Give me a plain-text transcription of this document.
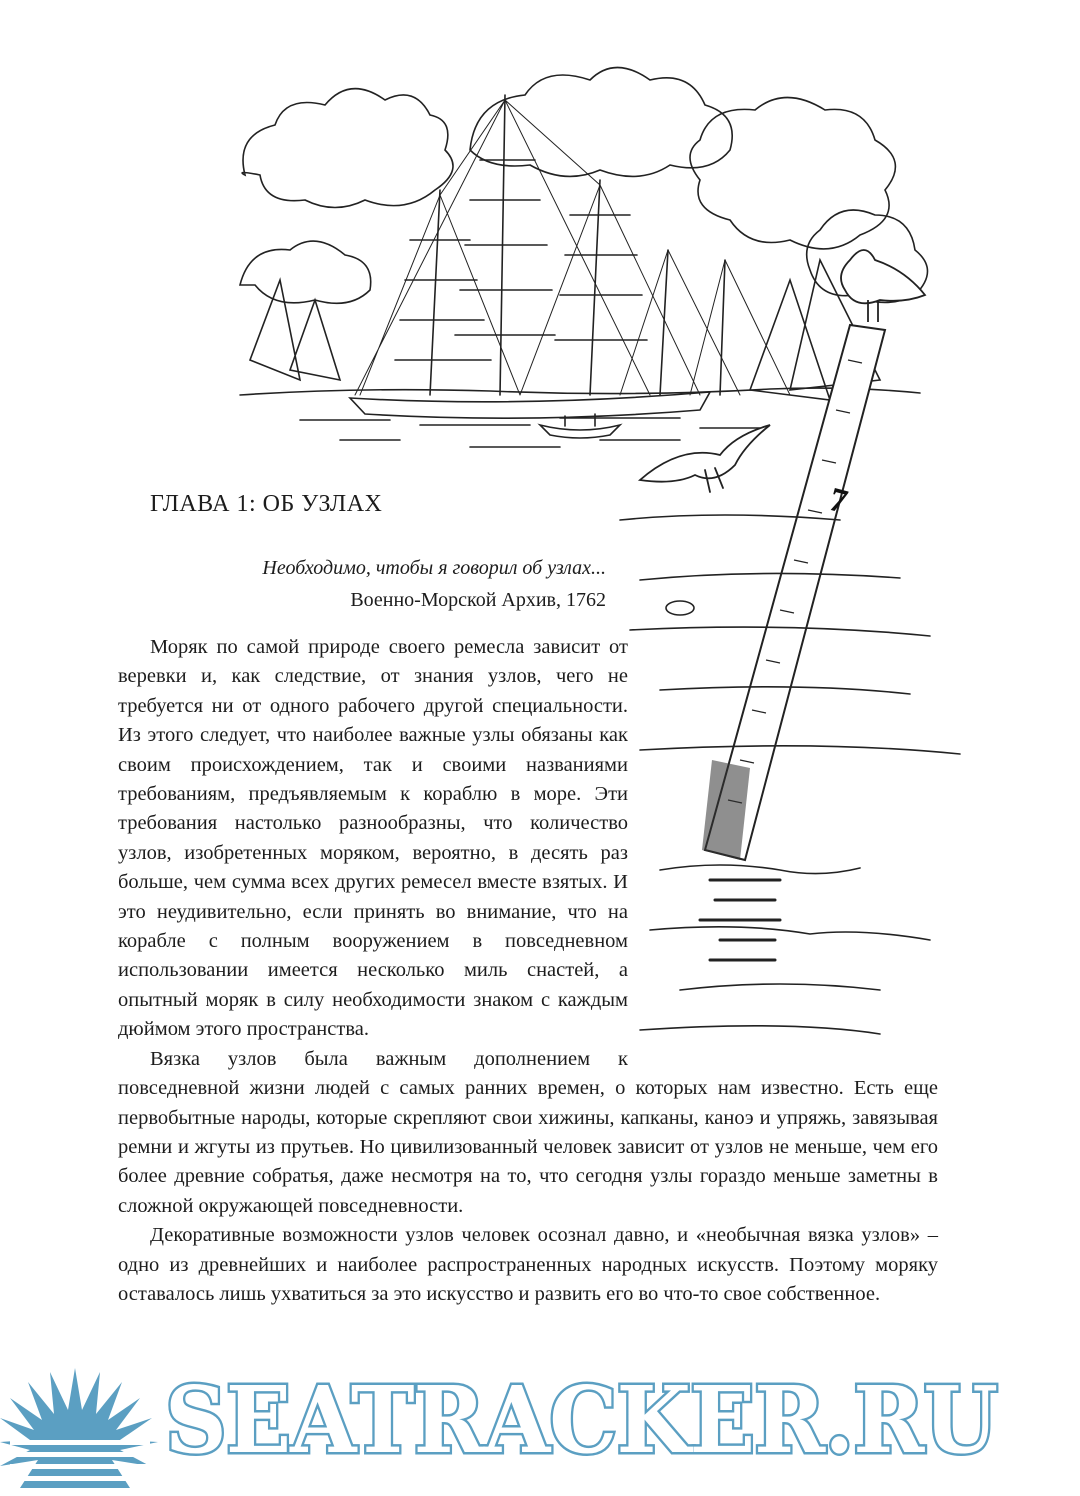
7
ГЛАВА 1: ОБ УЗЛАХ
Необходимо, чтобы я говорил об узлах...
Военно-Морской Архив, 1762

Моряк по самой природе своего ремесла зависит от веревки и, как следствие, от знания узлов, чего не требуется ни от одного рабочего другой специальности. Из этого следует, что наиболее важные узлы обязаны как своим происхождением, так и своими названиями требованиям, предъявляемым к кораблю в море. Эти требования настолько разнообразны, что количество узлов, изобретенных моряком, вероятно, в десять раз больше, чем сумма всех других ремесел вместе взятых. И это неудивительно, если принять во внимание, что на корабле с полным вооружением в повседневном использовании имеется несколько миль снастей, а опытный моряк в силу необходимости знаком с каждым дюймом этого пространства.

Вязка узлов была важным дополнением к повседневной жизни людей с самых ранних времен, о которых нам известно. Есть еще первобытные народы, которые скрепляют свои хижины, капканы, каноэ и упряжь, завязывая ремни и жгуты из прутьев. Но цивилизованный человек зависит от узлов не меньше, чем его более древние собратья, даже несмотря на то, что сегодня узлы гораздо меньше заметны в сложной окружающей повседневности.

Декоративные возможности узлов человек осознал давно, и «необычная вязка узлов» – одно из древнейших и наиболее распространенных народных искусств. Поэтому моряку оставалось лишь ухватиться за это искусство и развить его во что-то свое собственное.

SEATRACKER.RU
